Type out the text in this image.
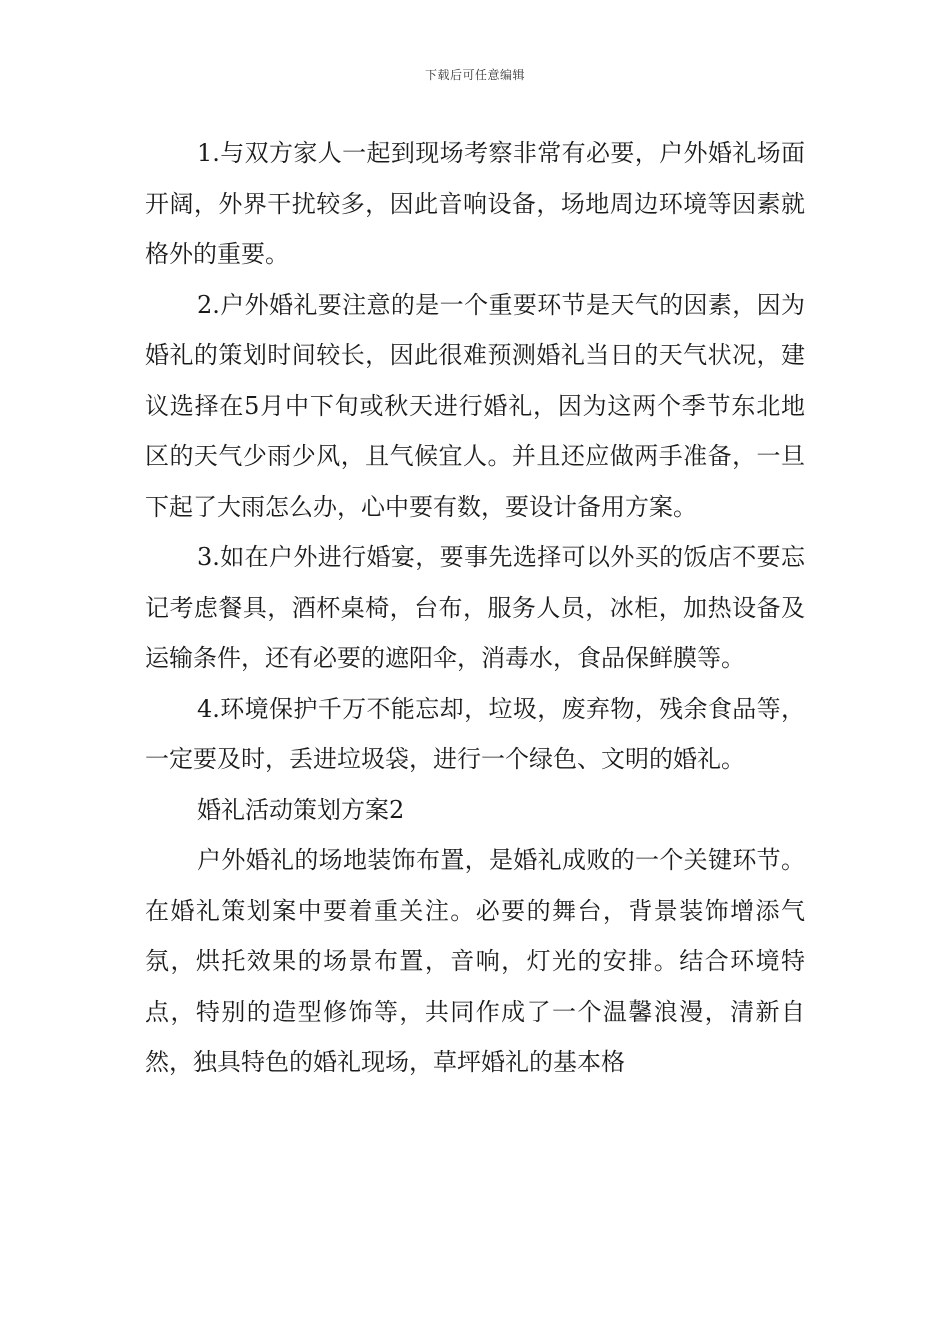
下载后可任意编辑

1.与双方家人一起到现场考察非常有必要，户外婚礼场面开阔，外界干扰较多，因此音响设备，场地周边环境等因素就格外的重要。

2.户外婚礼要注意的是一个重要环节是天气的因素，因为婚礼的策划时间较长，因此很难预测婚礼当日的天气状况，建议选择在5月中下旬或秋天进行婚礼，因为这两个季节东北地区的天气少雨少风，且气候宜人。并且还应做两手准备，一旦下起了大雨怎么办，心中要有数，要设计备用方案。

3.如在户外进行婚宴，要事先选择可以外买的饭店不要忘记考虑餐具，酒杯桌椅，台布，服务人员，冰柜，加热设备及运输条件，还有必要的遮阳伞，消毒水，食品保鲜膜等。

4.环境保护千万不能忘却，垃圾，废弃物，残余食品等，一定要及时，丢进垃圾袋，进行一个绿色、文明的婚礼。

婚礼活动策划方案2

户外婚礼的场地装饰布置，是婚礼成败的一个关键环节。在婚礼策划案中要着重关注。必要的舞台，背景装饰增添气氛，烘托效果的场景布置，音响，灯光的安排。结合环境特点，特别的造型修饰等，共同作成了一个温馨浪漫，清新自然，独具特色的婚礼现场，草坪婚礼的基本格
